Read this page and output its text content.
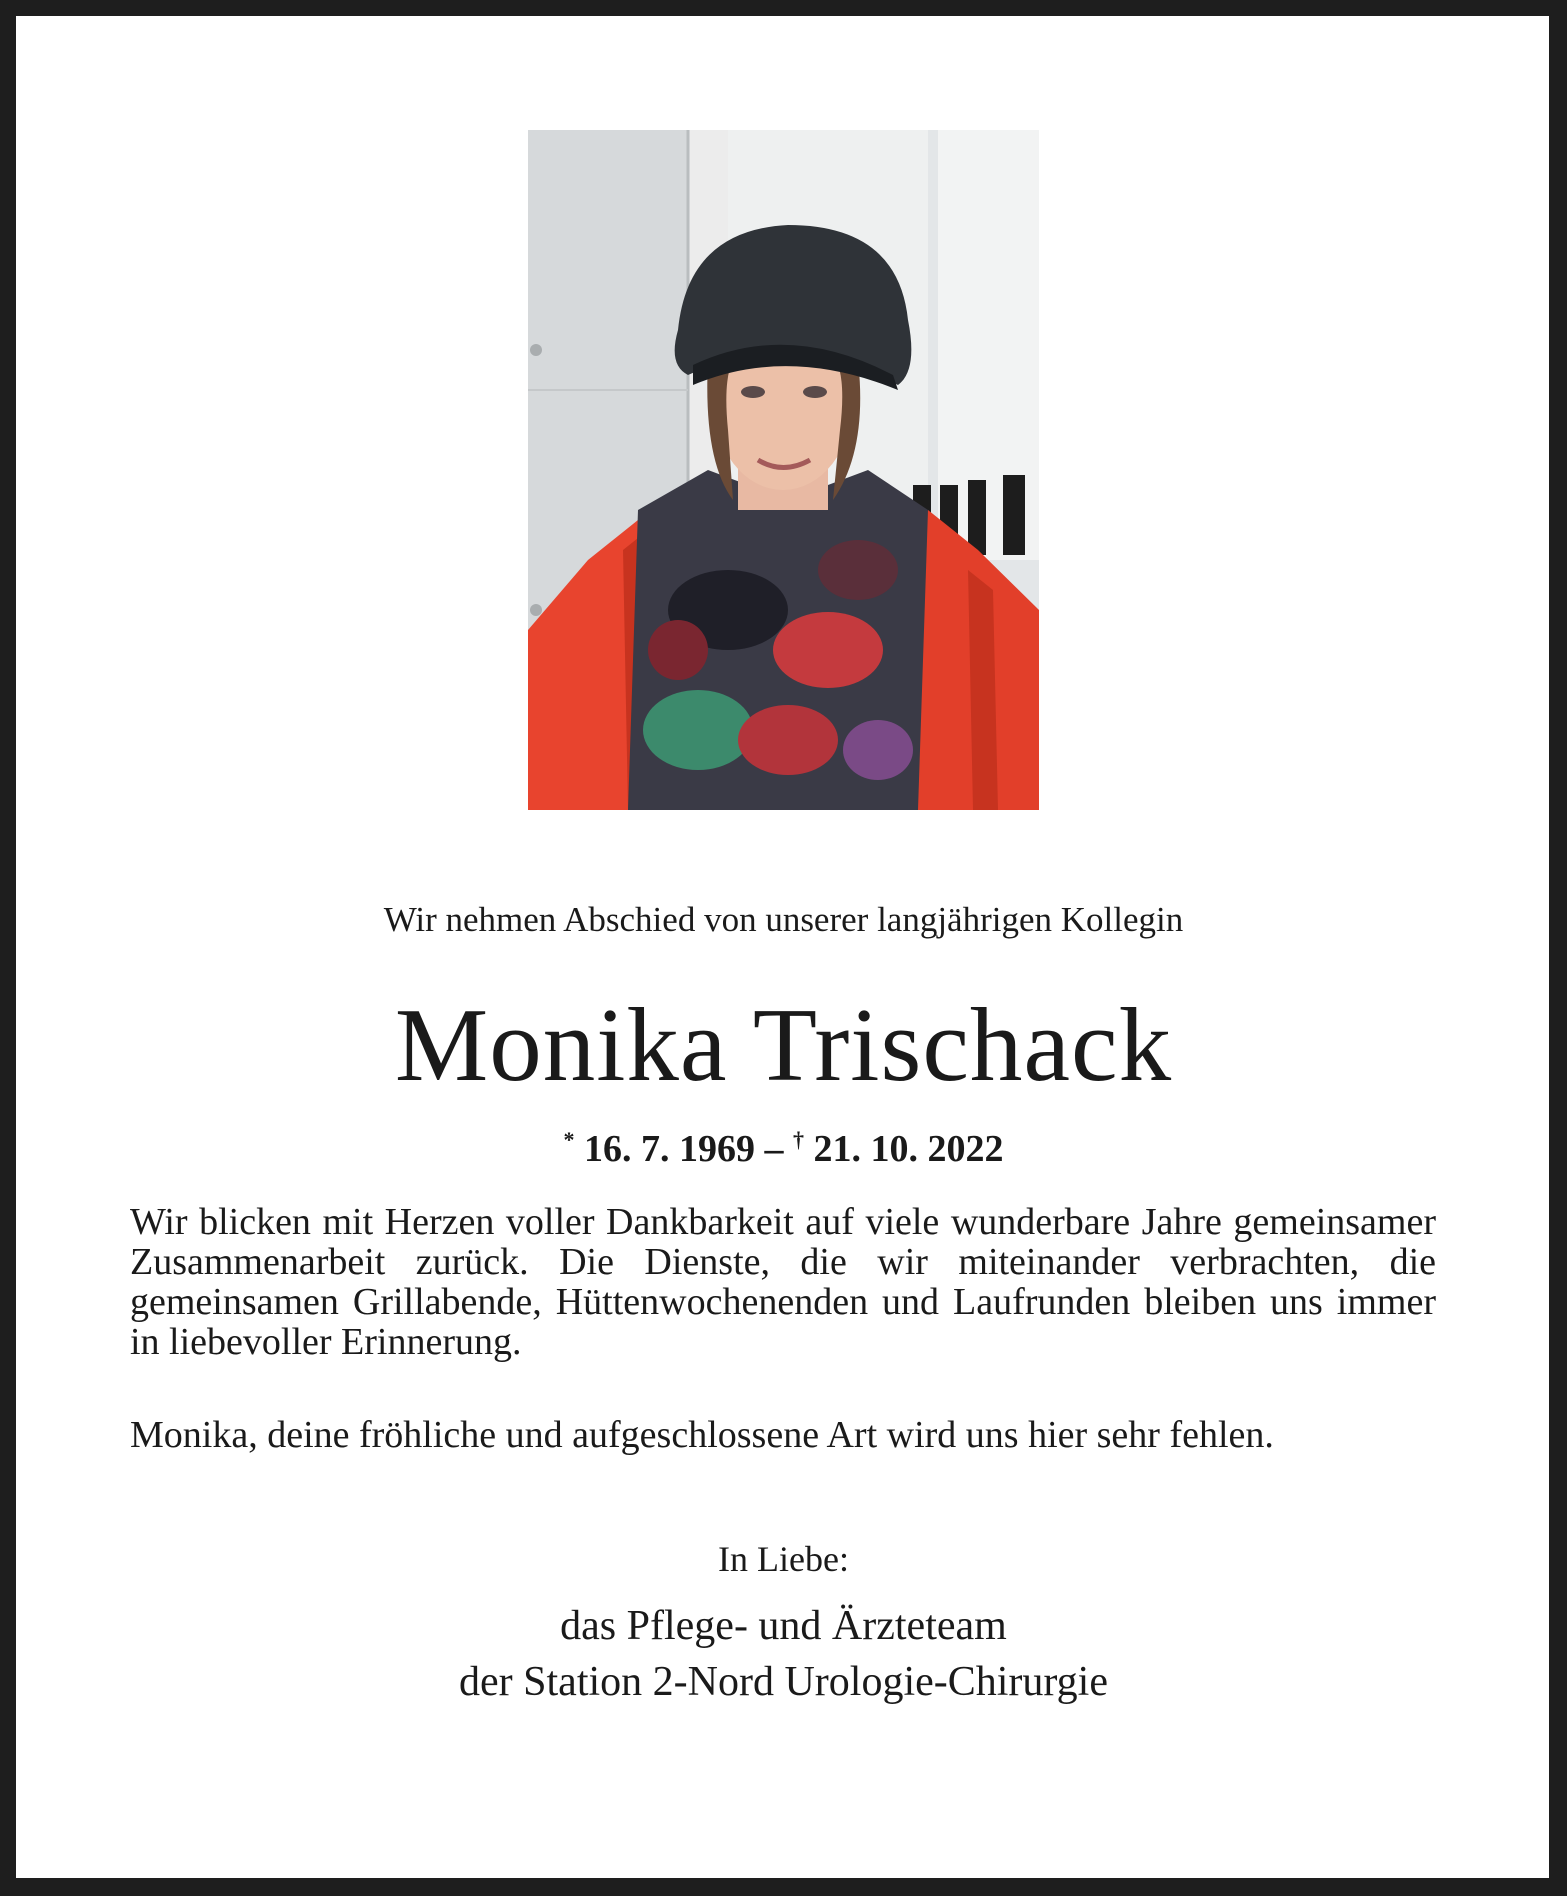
Wir nehmen Abschied von unserer langjährigen Kollegin
Monika Trischack
* 16. 7. 1969 – † 21. 10. 2022
Wir blicken mit Herzen voller Dankbarkeit auf viele wunderbare Jahre gemeinsamer Zusammenarbeit zurück. Die Dienste, die wir miteinander verbrachten, die gemeinsamen Grillabende, Hüttenwochenenden und Laufrunden bleiben uns immer in liebevoller Erinnerung.
Monika, deine fröhliche und aufgeschlossene Art wird uns hier sehr fehlen.
In Liebe:
das Pflege- und Ärzteteam
der Station 2-Nord Urologie-Chirurgie
